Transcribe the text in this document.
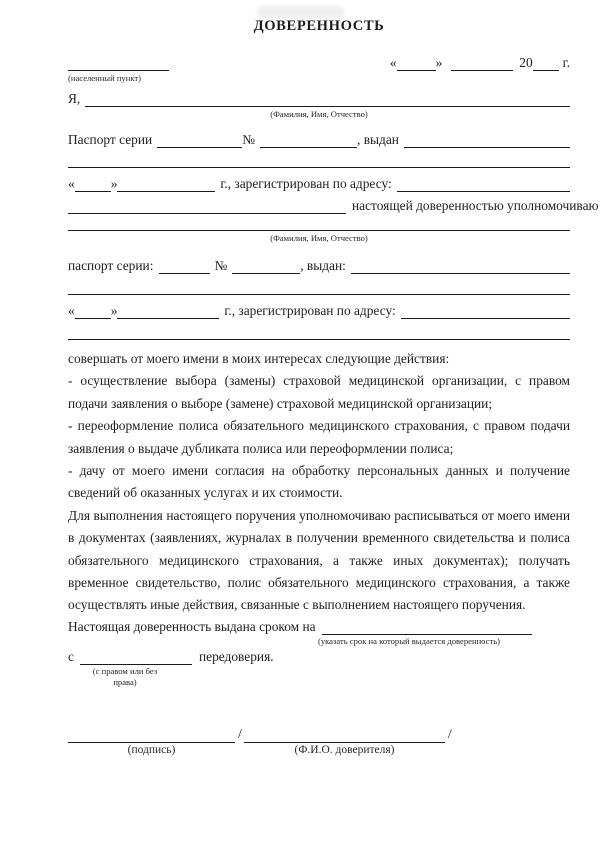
ДОВЕРЕННОСТЬ
«	»	20 г.
(населенный пункт)
Я,
(Фамилия, Имя, Отчество)
Паспорт серии	№	, выдан
«	»	г., зарегистрирован по адресу:
настоящей доверенностью уполномочиваю
(Фамилия, Имя, Отчество)
паспорт серии:	№	, выдан:
«	»	г., зарегистрирован по адресу:

совершать от моего имени в моих интересах следующие действия:

- осуществление выбора (замены) страховой медицинской организации, с правом подачи заявления о выборе (замене) страховой медицинской организации;

- переоформление полиса обязательного медицинского страхования, с правом подачи заявления о выдаче дубликата полиса или переоформлении полиса;

- дачу от моего имени согласия на обработку персональных данных и получение сведений об оказанных услугах и их стоимости.

Для выполнения настоящего поручения уполномочиваю расписываться от моего имени в документах (заявлениях, журналах в получении временного свидетельства и полиса обязательного медицинского страхования, а также иных документах); получать временное свидетельство, полис обязательного медицинского страхования, а также осуществлять иные действия, связанные с выполнением настоящего поручения.

Настоящая доверенность выдана сроком на
(указать срок на который выдается доверенность)
с	передоверия.
(с правом или без права)
/	/
(подпись)	(Ф.И.О. доверителя)
